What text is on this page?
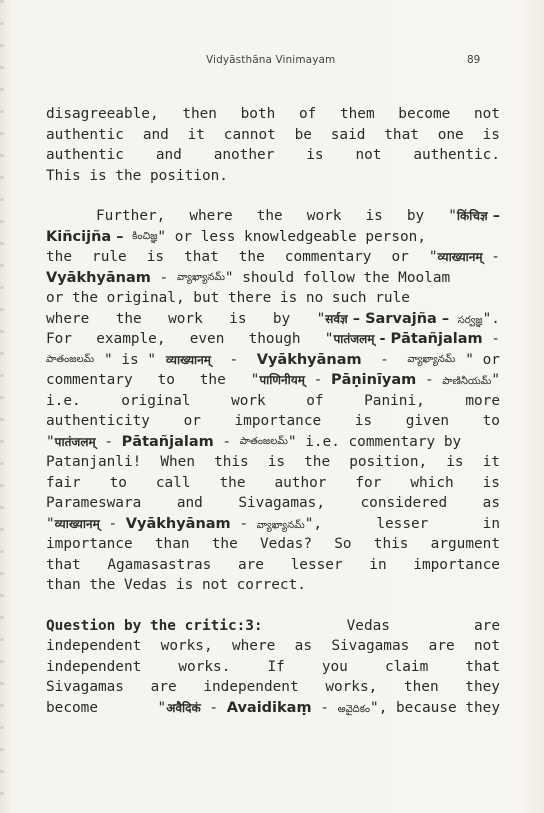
Vidyāsthāna Vinimayam	89
disagreeable, then both of them become not
authentic and it cannot be said that one is
authentic and another is not authentic.
This is the position.
Further, where the work is by "किंचिज्ञ –
Kiñcijña –
కించిజ్ఞ " or less knowledgeable person,
the rule is that the commentary or "व्याख्यानम् -
Vyākhyānam - వ్యాఖ్యానమ్ " should follow the Moolam
or the original, but there is no such rule
where the work is by "सर्वज्ञ – Sarvajña – సర్వజ్ఞ".
For example, even though "पातंजलम् - Pātañjalam -
పాతంజలమ్ " is " व्याख्यानम् - Vyākhyānam - వ్యాఖ్యానమ్ " or
commentary to the "पाणिनीयम् - Pāṇinīyam - పాణినీయమ్"
i.e.	original	work	of	Panini,	more
authenticity or importance is given to
" पातंजलम् - Pātañjalam - పాతంజలమ్ " i.e. commentary by
Patanjanli! When this is the position, is it
fair to call the author for which is
Parameswara and Sivagamas, considered as
"व्याख्यानम् - Vyākhyānam - వ్యాఖ్యానమ్",	lesser	in
importance than the Vedas? So this argument
that Agamasastras are lesser in importance
than the Vedas is not correct.
Question by the critic:3:	Vedas	are
independent works, where as Sivagamas are not
independent	works.	If	you	claim	that
Sivagamas are independent works, then they
become	"अवैदिकं - Avaidikaṃ - అవైదికం", because they
